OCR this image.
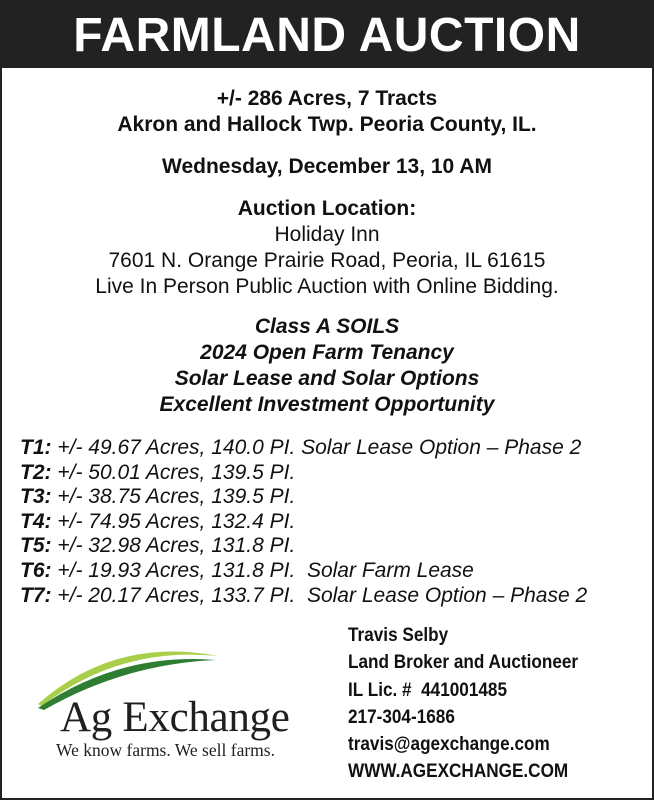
FARMLAND AUCTION
+/- 286 Acres, 7 Tracts
Akron and Hallock Twp. Peoria County, IL.
Wednesday, December 13, 10 AM
Auction Location:
Holiday Inn
7601 N. Orange Prairie Road, Peoria, IL 61615
Live In Person Public Auction with Online Bidding.
Class A SOILS
2024 Open Farm Tenancy
Solar Lease and Solar Options
Excellent Investment Opportunity
T1: +/- 49.67 Acres, 140.0 PI. Solar Lease Option – Phase 2
T2: +/- 50.01 Acres, 139.5 PI.
T3: +/- 38.75 Acres, 139.5 PI.
T4: +/- 74.95 Acres, 132.4 PI.
T5: +/- 32.98 Acres, 131.8 PI.
T6: +/- 19.93 Acres, 131.8 PI.  Solar Farm Lease
T7: +/- 20.17 Acres, 133.7 PI.  Solar Lease Option – Phase 2
Ag Exchange
We know farms. We sell farms.
Travis Selby
Land Broker and Auctioneer
IL Lic. #  441001485
217-304-1686
travis@agexchange.com
WWW.AGEXCHANGE.COM
